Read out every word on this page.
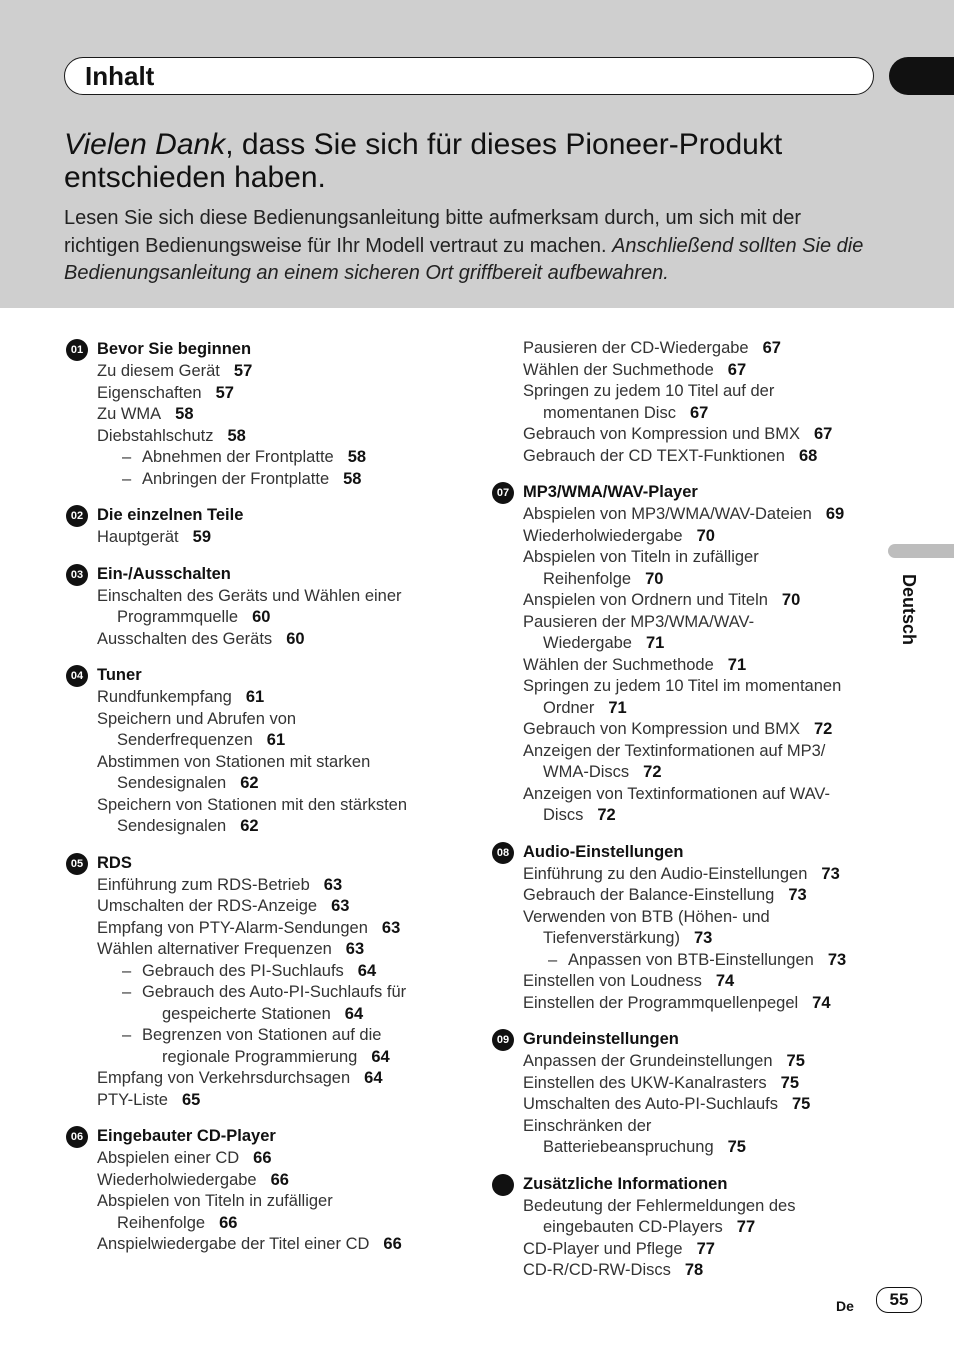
Inhalt
Vielen Dank, dass Sie sich für dieses Pioneer-Produkt entschieden haben.
Lesen Sie sich diese Bedienungsanleitung bitte aufmerksam durch, um sich mit der richtigen Bedienungsweise für Ihr Modell vertraut zu machen. Anschließend sollten Sie die Bedienungsanleitung an einem sicheren Ort griffbereit aufbewahren.
01 Bevor Sie beginnen
Zu diesem Gerät 57
Eigenschaften 57
Zu WMA 58
Diebstahlschutz 58
– Abnehmen der Frontplatte 58
– Anbringen der Frontplatte 58
02 Die einzelnen Teile
Hauptgerät 59
03 Ein-/Ausschalten
Einschalten des Geräts und Wählen einer
Programmquelle 60
Ausschalten des Geräts 60
04 Tuner
Rundfunkempfang 61
Speichern und Abrufen von
Senderfrequenzen 61
Abstimmen von Stationen mit starken
Sendesignalen 62
Speichern von Stationen mit den stärksten
Sendesignalen 62
05 RDS
Einführung zum RDS-Betrieb 63
Umschalten der RDS-Anzeige 63
Empfang von PTY-Alarm-Sendungen 63
Wählen alternativer Frequenzen 63
– Gebrauch des PI-Suchlaufs 64
– Gebrauch des Auto-PI-Suchlaufs für
gespeicherte Stationen 64
– Begrenzen von Stationen auf die
regionale Programmierung 64
Empfang von Verkehrsdurchsagen 64
PTY-Liste 65
06 Eingebauter CD-Player
Abspielen einer CD 66
Wiederholwiedergabe 66
Abspielen von Titeln in zufälliger
Reihenfolge 66
Anspielwiedergabe der Titel einer CD 66
Pausieren der CD-Wiedergabe 67
Wählen der Suchmethode 67
Springen zu jedem 10 Titel auf der
momentanen Disc 67
Gebrauch von Kompression und BMX 67
Gebrauch der CD TEXT-Funktionen 68
07 MP3/WMA/WAV-Player
Abspielen von MP3/WMA/WAV-Dateien 69
Wiederholwiedergabe 70
Abspielen von Titeln in zufälliger
Reihenfolge 70
Anspielen von Ordnern und Titeln 70
Pausieren der MP3/WMA/WAV-
Wiedergabe 71
Wählen der Suchmethode 71
Springen zu jedem 10 Titel im momentanen
Ordner 71
Gebrauch von Kompression und BMX 72
Anzeigen der Textinformationen auf MP3/
WMA-Discs 72
Anzeigen von Textinformationen auf WAV-
Discs 72
08 Audio-Einstellungen
Einführung zu den Audio-Einstellungen 73
Gebrauch der Balance-Einstellung 73
Verwenden von BTB (Höhen- und
Tiefenverstärkung) 73
– Anpassen von BTB-Einstellungen 73
Einstellen von Loudness 74
Einstellen der Programmquellenpegel 74
09 Grundeinstellungen
Anpassen der Grundeinstellungen 75
Einstellen des UKW-Kanalrasters 75
Umschalten des Auto-PI-Suchlaufs 75
Einschränken der
Batteriebeanspruchung 75
Zusätzliche Informationen
Bedeutung der Fehlermeldungen des
eingebauten CD-Players 77
CD-Player und Pflege 77
CD-R/CD-RW-Discs 78
Deutsch
De	55
